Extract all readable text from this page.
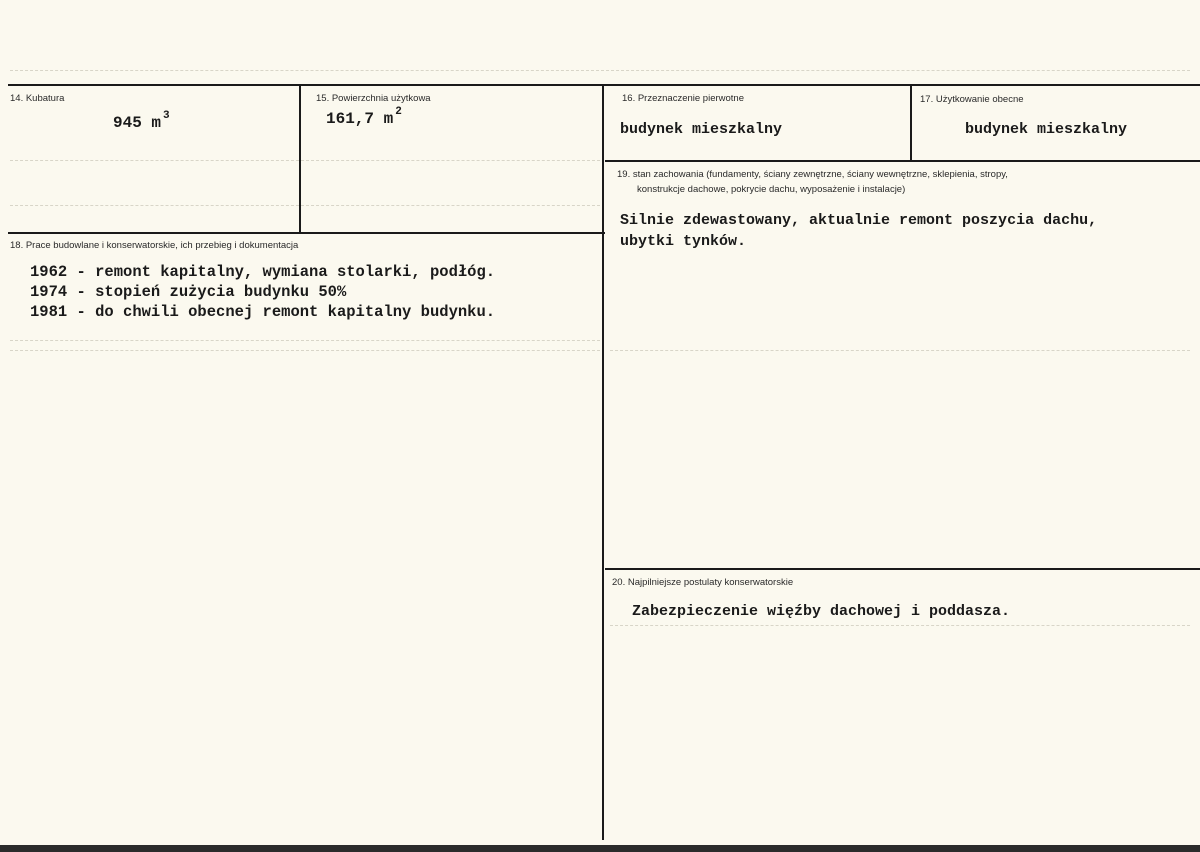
14. Kubatura
945 m $^3$
15. Powierzchnia użytkowa
161,7 m $^2$
16. Przeznaczenie pierwotne
budynek mieszkalny
17. Użytkowanie obecne
budynek mieszkalny
18. Prace budowlane i konserwatorskie, ich przebieg i dokumentacja
1962 - remont kapitalny, wymiana stolarki, podłóg.
1974 - stopień zużycia budynku 50%
1981 - do chwili obecnej remont kapitalny budynku.
19. stan zachowania (fundamenty, ściany zewnętrzne, ściany wewnętrzne, sklepienia, stropy,
konstrukcje dachowe, pokrycie dachu, wyposażenie i instalacje)
Silnie zdewastowany, aktualnie remont poszycia dachu,
ubytki tynków.
20. Najpilniejsze postulaty konserwatorskie
Zabezpieczenie więźby dachowej i poddasza.
